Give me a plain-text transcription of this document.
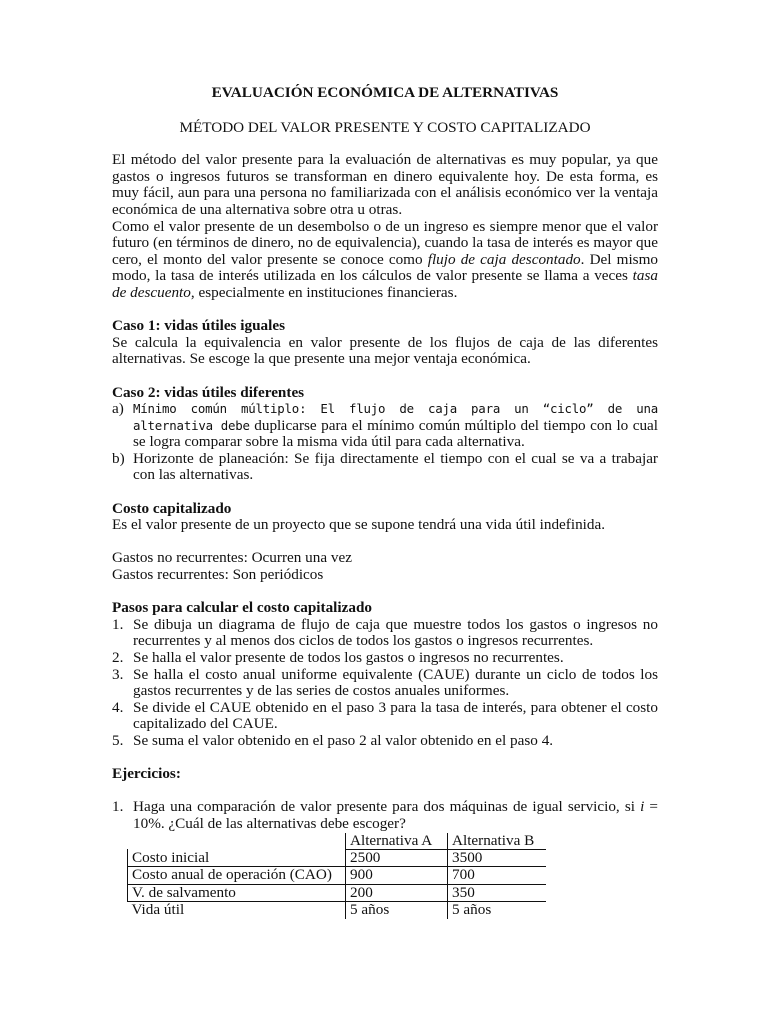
EVALUACIÓN ECONÓMICA DE ALTERNATIVAS

MÉTODO DEL VALOR PRESENTE Y COSTO CAPITALIZADO

El método del valor presente para la evaluación de alternativas es muy popular, ya que gastos o ingresos futuros se transforman en dinero equivalente hoy. De esta forma, es muy fácil, aun para una persona no familiarizada con el análisis económico ver la ventaja económica de una alternativa sobre otra u otras.

Como el valor presente de un desembolso o de un ingreso es siempre menor que el valor futuro (en términos de dinero, no de equivalencia), cuando la tasa de interés es mayor que cero, el monto del valor presente se conoce como flujo de caja descontado. Del mismo modo, la tasa de interés utilizada en los cálculos de valor presente se llama a veces tasa de descuento, especialmente en instituciones financieras.

Caso 1: vidas útiles iguales

Se calcula la equivalencia en valor presente de los flujos de caja de las diferentes alternativas. Se escoge la que presente una mejor ventaja económica.

Caso 2: vidas útiles diferentes

a) Mínimo común múltiplo: El flujo de caja para un “ciclo” de una alternativa debe duplicarse para el mínimo común múltiplo del tiempo con lo cual se logra comparar sobre la misma vida útil para cada alternativa.
b) Horizonte de planeación: Se fija directamente el tiempo con el cual se va a trabajar con las alternativas.

Costo capitalizado

Es el valor presente de un proyecto que se supone tendrá una vida útil indefinida.

Gastos no recurrentes: Ocurren una vez

Gastos recurrentes: Son periódicos

Pasos para calcular el costo capitalizado

1. Se dibuja un diagrama de flujo de caja que muestre todos los gastos o ingresos no recurrentes y al menos dos ciclos de todos los gastos o ingresos recurrentes.
2. Se halla el valor presente de todos los gastos o ingresos no recurrentes.
3. Se halla el costo anual uniforme equivalente (CAUE) durante un ciclo de todos los gastos recurrentes y de las series de costos anuales uniformes.
4. Se divide el CAUE obtenido en el paso 3 para la tasa de interés, para obtener el costo capitalizado del CAUE.
5. Se suma el valor obtenido en el paso 2 al valor obtenido en el paso 4.

Ejercicios:

1. Haga una comparación de valor presente para dos máquinas de igual servicio, si i = 10%. ¿Cuál de las alternativas debe escoger?
	Alternativa A	Alternativa B
Costo inicial	2500	3500
Costo anual de operación (CAO)	900	700
V. de salvamento	200	350
Vida útil	5 años	5 años
